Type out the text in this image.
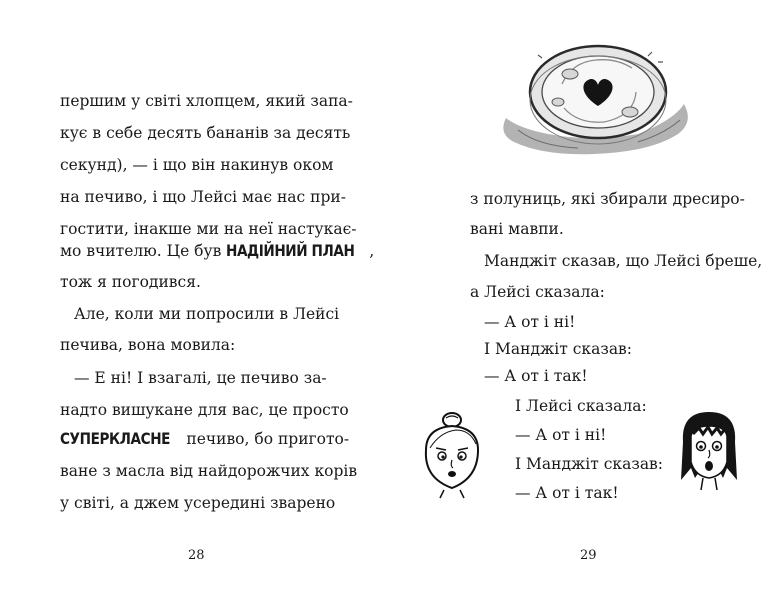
першим у світі хлопцем, який запа-

кує в себе десять бананів за десять

секунд), — і що він накинув оком

на печиво, і що Лейсі має нас при-

гостити, інакше ми на неї настукає-

мо вчителю. Це був НАДІЙНИЙ ПЛАН ,

тож я погодився.

Але, коли ми попросили в Лейсі

печива, вона мовила:

— Е ні! І взагалі, це печиво за-

надто вишукане для вас, це просто

СУПЕРКЛАСНЕ печиво, бо пригото-

ване з масла від найдорожчих корів

у світі, а джем усередині зварено

28

з полуниць, які збирали дресиро-

вані мавпи.

Манджіт сказав, що Лейсі бреше,

а Лейсі сказала:

— А от і ні!

І Манджіт сказав:

— А от і так!

І Лейсі сказала:

— А от і ні!

І Манджіт сказав:

— А от і так!

29
